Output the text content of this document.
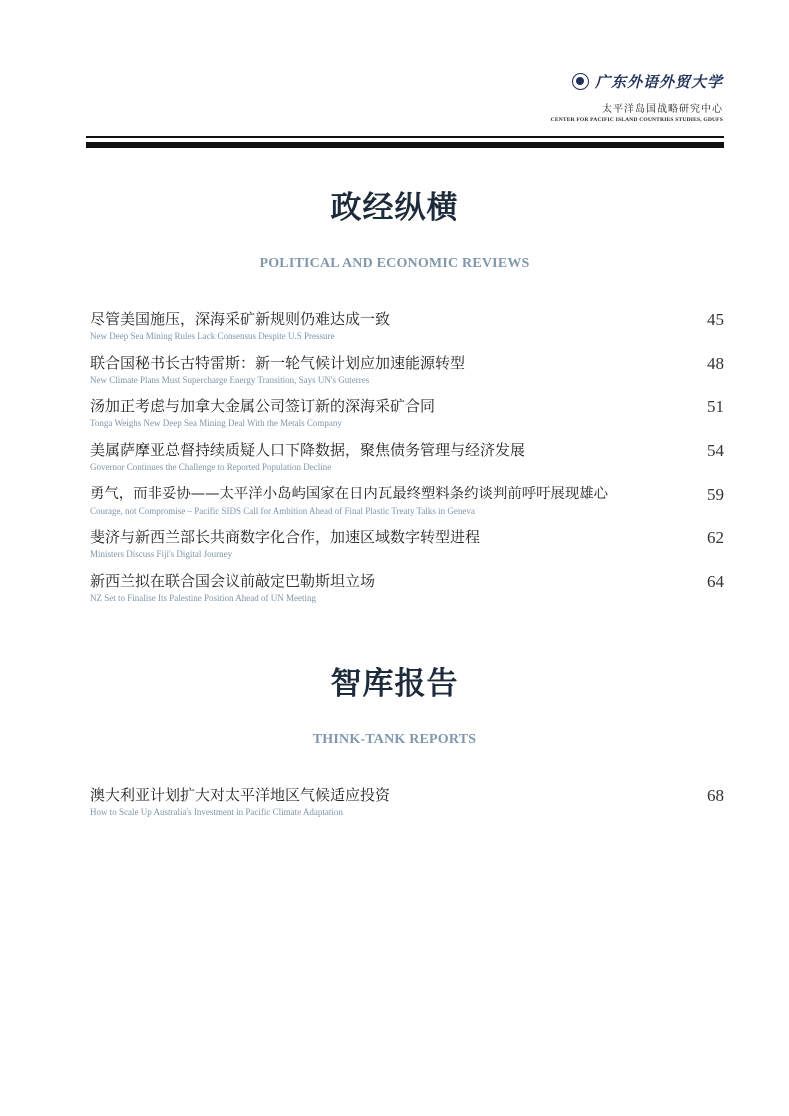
广东外语外贸大学
太平洋岛国战略研究中心
CENTER FOR PACIFIC ISLAND COUNTRIES STUDIES, GDUFS
政经纵横
POLITICAL AND ECONOMIC REVIEWS
尽管美国施压，深海采矿新规则仍难达成一致
New Deep Sea Mining Rules Lack Consensus Despite U.S Pressure
45
联合国秘书长古特雷斯：新一轮气候计划应加速能源转型
New Climate Plans Must Supercharge Energy Transition, Says UN's Guterres
48
汤加正考虑与加拿大金属公司签订新的深海采矿合同
Tonga Weighs New Deep Sea Mining Deal With the Metals Company
51
美属萨摩亚总督持续质疑人口下降数据，聚焦债务管理与经济发展
Governor Continues the Challenge to Reported Population Decline
54
勇气，而非妥协——太平洋小岛屿国家在日内瓦最终塑料条约谈判前呼吁展现雄心
Courage, not Compromise – Pacific SIDS Call for Ambition Ahead of Final Plastic Treaty Talks in Geneva
59
斐济与新西兰部长共商数字化合作，加速区域数字转型进程
Ministers Discuss Fiji's Digital Journey
62
新西兰拟在联合国会议前敲定巴勒斯坦立场
NZ Set to Finalise Its Palestine Position Ahead of UN Meeting
64
智库报告
THINK-TANK REPORTS
澳大利亚计划扩大对太平洋地区气候适应投资
How to Scale Up Australia's Investment in Pacific Climate Adaptation
68
